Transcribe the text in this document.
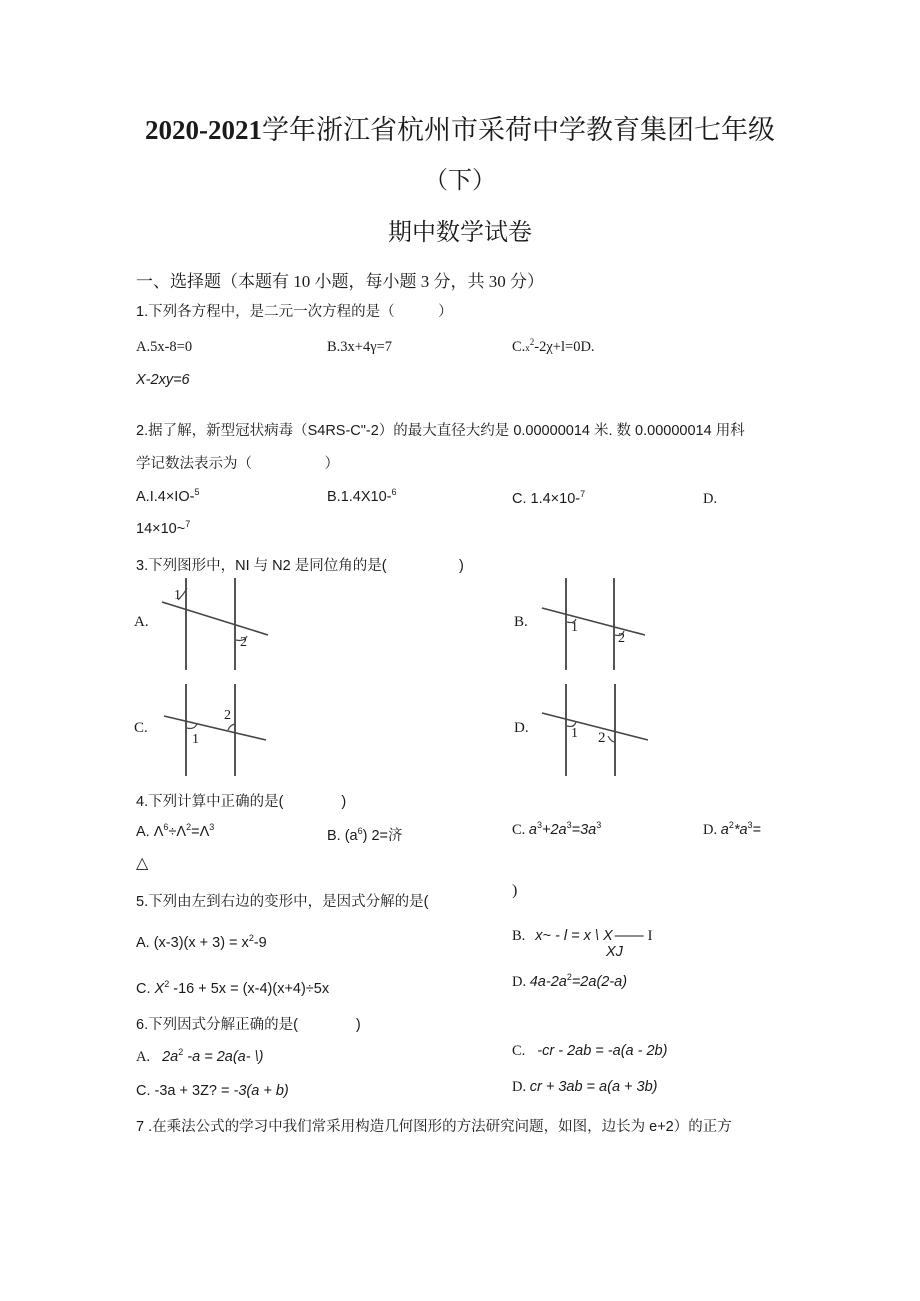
2020-2021学年浙江省杭州市采荷中学教育集团七年级
（下）
期中数学试卷
一、选择题（本题有 10 小题，每小题 3 分，共 30 分）
1.下列各方程中，是二元一次方程的是（　　　）
A.5x-8=0	B.3x+4γ=7	$C.x^2-2\chi+l=0D$.
X-2xy=6
2.据了解，新型冠状病毒（S4RS-C"-2）的最大直径大约是 0.00000014 米. 数 0.00000014 用科
学记数法表示为（　　　　　）
A.I.4×IO-$^5$	B.1.4X10-$^6$	C. 1.4×10-$^7$	D.
14×10~$^7$
3.下列图形中，NI 与 N2 是同位角的是(　　　　　)
A.
1
2
B.	1
2
C.
1
2
D.	1 2
4.下列计算中正确的是(　　　　)
A. $\Lambda^6\div\Lambda^2=\Lambda^3$
B. $(a^6)$ 2=济	C. $a^3+2a^3=3a^3$	D. $a^2*a^3=$
△
5.下列由左到右边的变形中，是因式分解的是(
)
A. $(x-3)(x + 3) = x^2-9$	B. x~ - l = x \ X —— I
XJ
C. $X^2$ -16 + 5x = (x-4)(x+4)÷5x	D. $4a-2a^2=2a(2-a)$
6.下列因式分解正确的是(　　　　)
A. $2a^2$ -a = 2a(a- \)	C. -cr - 2ab = -a(a - 2b)
C. -3a + 3Z? = -3(a + b)	D. cr + 3ab = a(a + 3b)
7 .在乘法公式的学习中我们常采用构造几何图形的方法研究问题，如图，边长为 e+2）的正方
